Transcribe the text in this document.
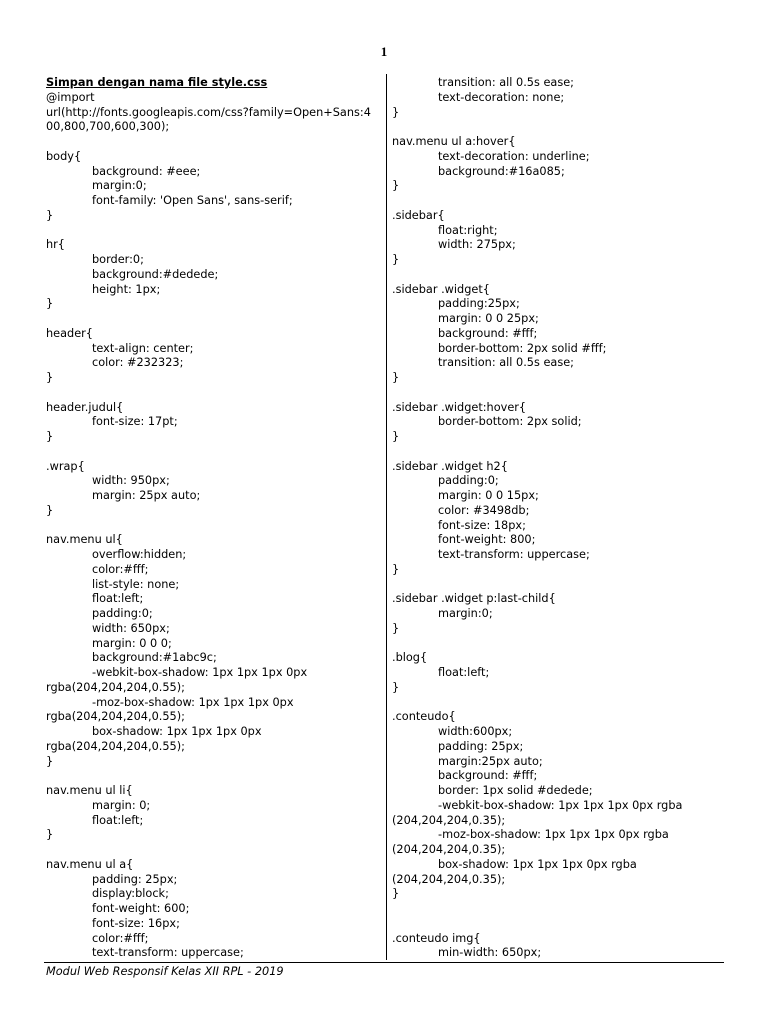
1
Simpan dengan nama file style.css
@import
url(http://fonts.googleapis.com/css?family=Open+Sans:4
00,800,700,600,300);
body{
background: #eee;
margin:0;
font-family: 'Open Sans', sans-serif;
}
hr{
border:0;
background:#dedede;
height: 1px;
}
header{
text-align: center;
color: #232323;
}
header.judul{
font-size: 17pt;
}
.wrap{
width: 950px;
margin: 25px auto;
}
nav.menu ul{
overflow:hidden;
color:#fff;
list-style: none;
float:left;
padding:0;
width: 650px;
margin: 0 0 0;
background:#1abc9c;
-webkit-box-shadow: 1px 1px 1px 0px
rgba(204,204,204,0.55);
-moz-box-shadow: 1px 1px 1px 0px
rgba(204,204,204,0.55);
box-shadow: 1px 1px 1px 0px
rgba(204,204,204,0.55);
}
nav.menu ul li{
margin: 0;
float:left;
}
nav.menu ul a{
padding: 25px;
display:block;
font-weight: 600;
font-size: 16px;
color:#fff;
text-transform: uppercase;
transition: all 0.5s ease;
text-decoration: none;
}
nav.menu ul a:hover{
text-decoration: underline;
background:#16a085;
}
.sidebar{
float:right;
width: 275px;
}
.sidebar .widget{
padding:25px;
margin: 0 0 25px;
background: #fff;
border-bottom: 2px solid #fff;
transition: all 0.5s ease;
}
.sidebar .widget:hover{
border-bottom: 2px solid;
}
.sidebar .widget h2{
padding:0;
margin: 0 0 15px;
color: #3498db;
font-size: 18px;
font-weight: 800;
text-transform: uppercase;
}
.sidebar .widget p:last-child{
margin:0;
}
.blog{
float:left;
}
.conteudo{
width:600px;
padding: 25px;
margin:25px auto;
background: #fff;
border: 1px solid #dedede;
-webkit-box-shadow: 1px 1px 1px 0px rgba
(204,204,204,0.35);
-moz-box-shadow: 1px 1px 1px 0px rgba
(204,204,204,0.35);
box-shadow: 1px 1px 1px 0px rgba
(204,204,204,0.35);
}
.conteudo img{
min-width: 650px;
Modul Web Responsif Kelas XII RPL - 2019
